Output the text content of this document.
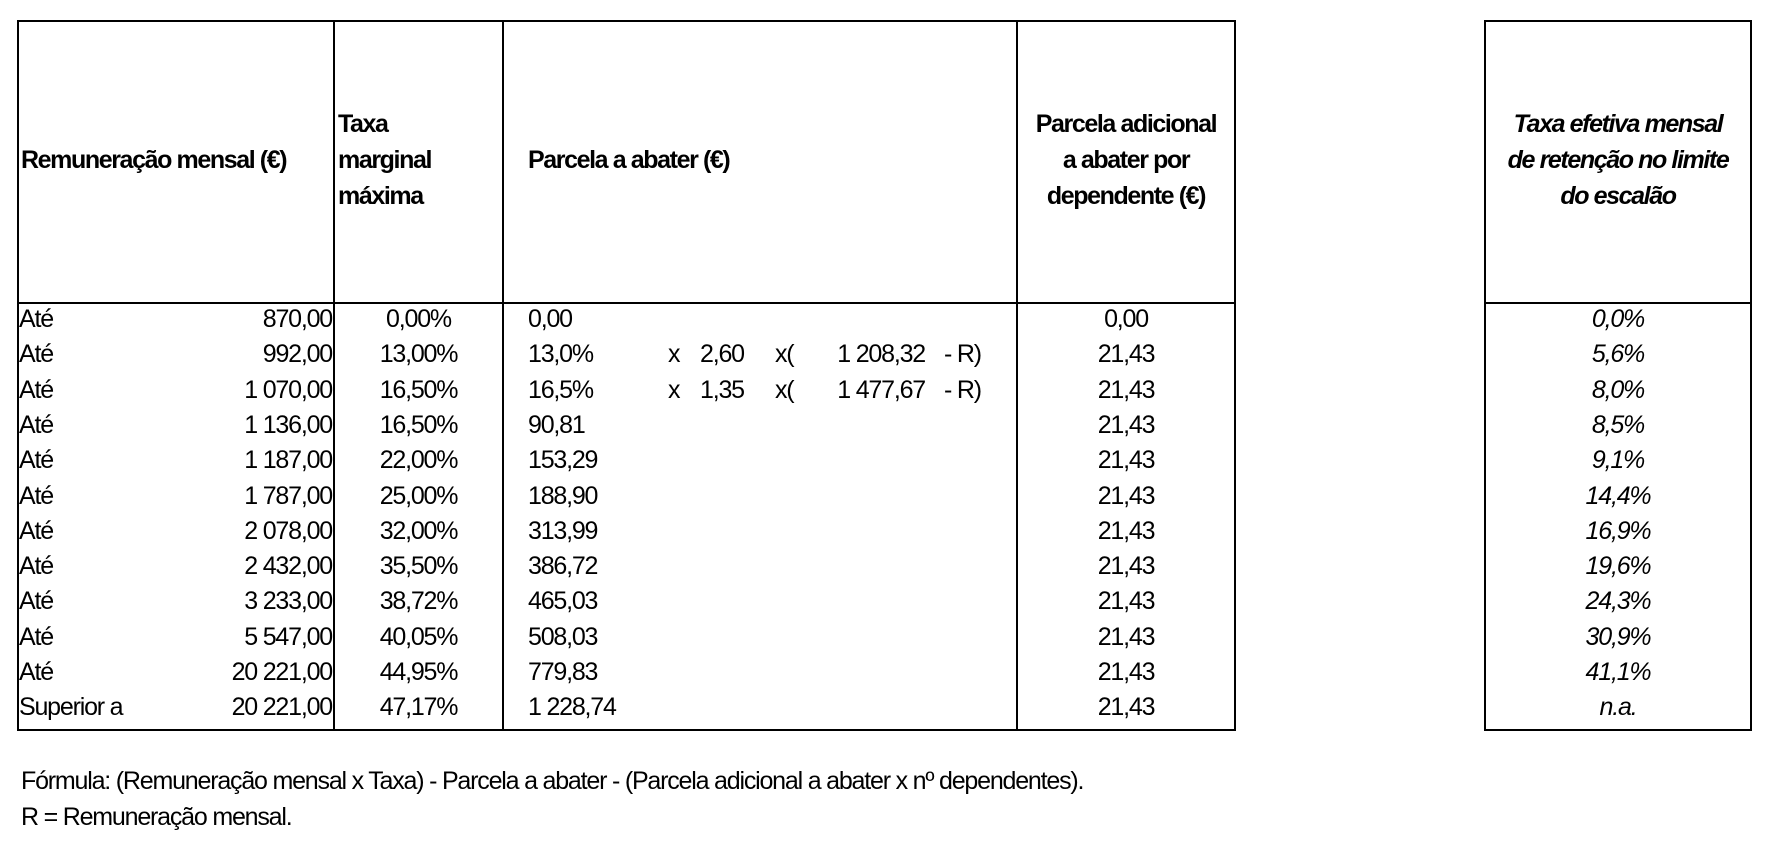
Remuneração mensal (€)
Taxa
marginal
máxima
Parcela a abater (€)
Parcela adicional
a abater por
dependente (€)
Taxa efetiva mensal
de retenção no limite
do escalão
Até	870,00	0,00%	0,00	0,00	0,0%
Até	992,00	13,00%	13,0%	x 2,60 x(	1 208,32 - R)	21,43	5,6%
Até	1 070,00	16,50%	16,5%	x 1,35 x(	1 477,67 - R)	21,43	8,0%
Até	1 136,00	16,50%	90,81	21,43	8,5%
Até	1 187,00	22,00%	153,29	21,43	9,1%
Até	1 787,00	25,00%	188,90	21,43	14,4%
Até	2 078,00	32,00%	313,99	21,43	16,9%
Até	2 432,00	35,50%	386,72	21,43	19,6%
Até	3 233,00	38,72%	465,03	21,43	24,3%
Até	5 547,00	40,05%	508,03	21,43	30,9%
Até	20 221,00	44,95%	779,83	21,43	41,1%
Superior a	20 221,00	47,17%	1 228,74	21,43	n.a.
Fórmula: (Remuneração mensal x Taxa) - Parcela a abater - (Parcela adicional a abater x nº dependentes).
R = Remuneração mensal.
